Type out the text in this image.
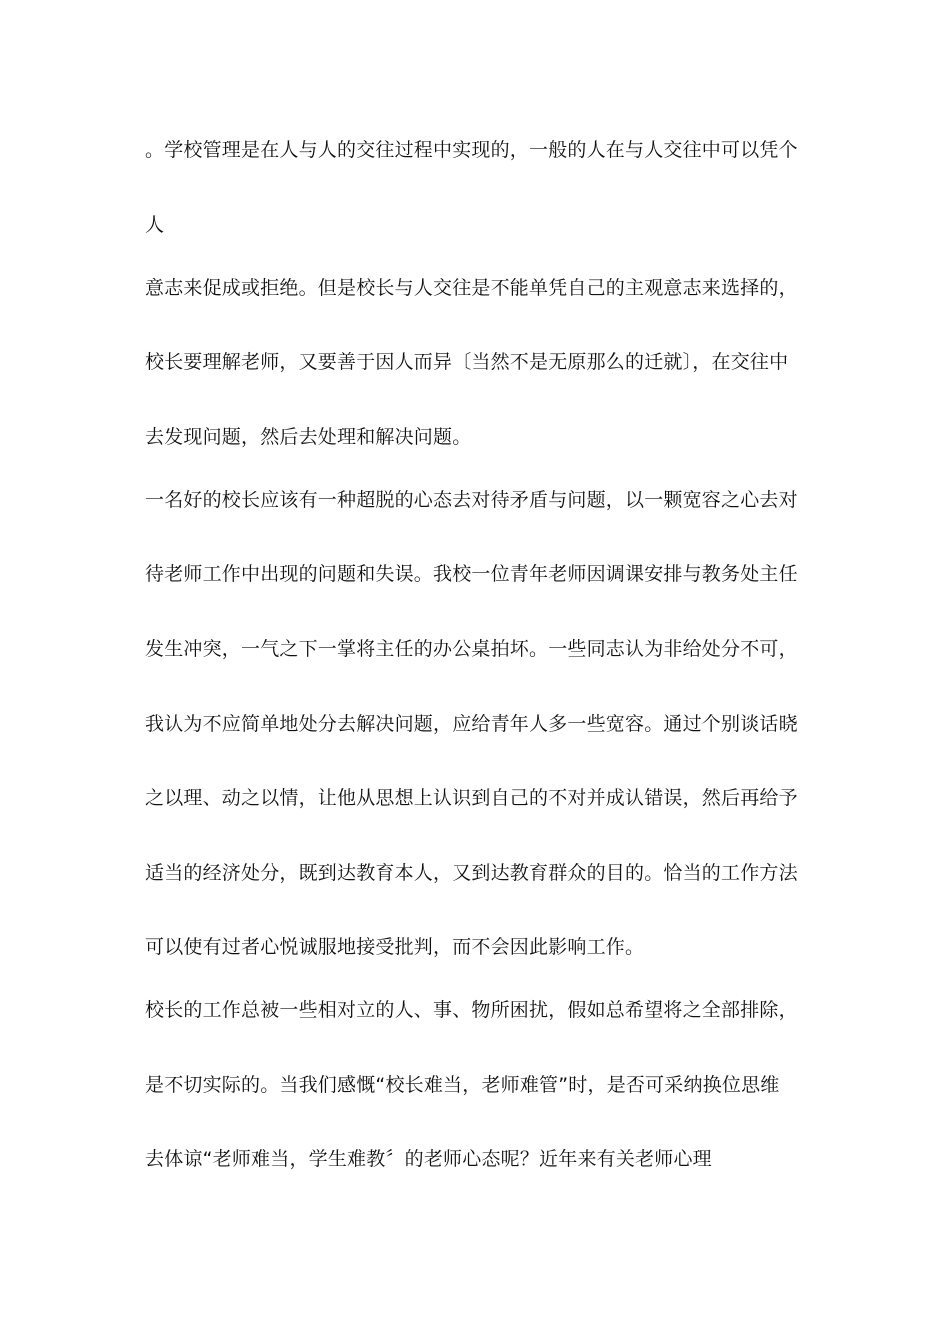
。学校管理是在人与人的交往过程中实现的，一般的人在与人交往中可以凭个
人
意志来促成或拒绝。但是校长与人交往是不能单凭自己的主观意志来选择的，
校长要理解老师，又要善于因人而异〔当然不是无原那么的迁就〕，在交往中
去发现问题，然后去处理和解决问题。
一名好的校长应该有一种超脱的心态去对待矛盾与问题，以一颗宽容之心去对
待老师工作中出现的问题和失误。我校一位青年老师因调课安排与教务处主任
发生冲突，一气之下一掌将主任的办公桌拍坏。一些同志认为非给处分不可，
我认为不应简单地处分去解决问题，应给青年人多一些宽容。通过个别谈话晓
之以理、动之以情，让他从思想上认识到自己的不对并成认错误，然后再给予
适当的经济处分，既到达教育本人，又到达教育群众的目的。恰当的工作方法
可以使有过者心悦诚服地接受批判，而不会因此影响工作。
校长的工作总被一些相对立的人、事、物所困扰，假如总希望将之全部排除，
是不切实际的。当我们感慨“校长难当，老师难管”时，是否可采纳换位思维
去体谅“老师难当，学生难教〞的老师心态呢？近年来有关老师心理
